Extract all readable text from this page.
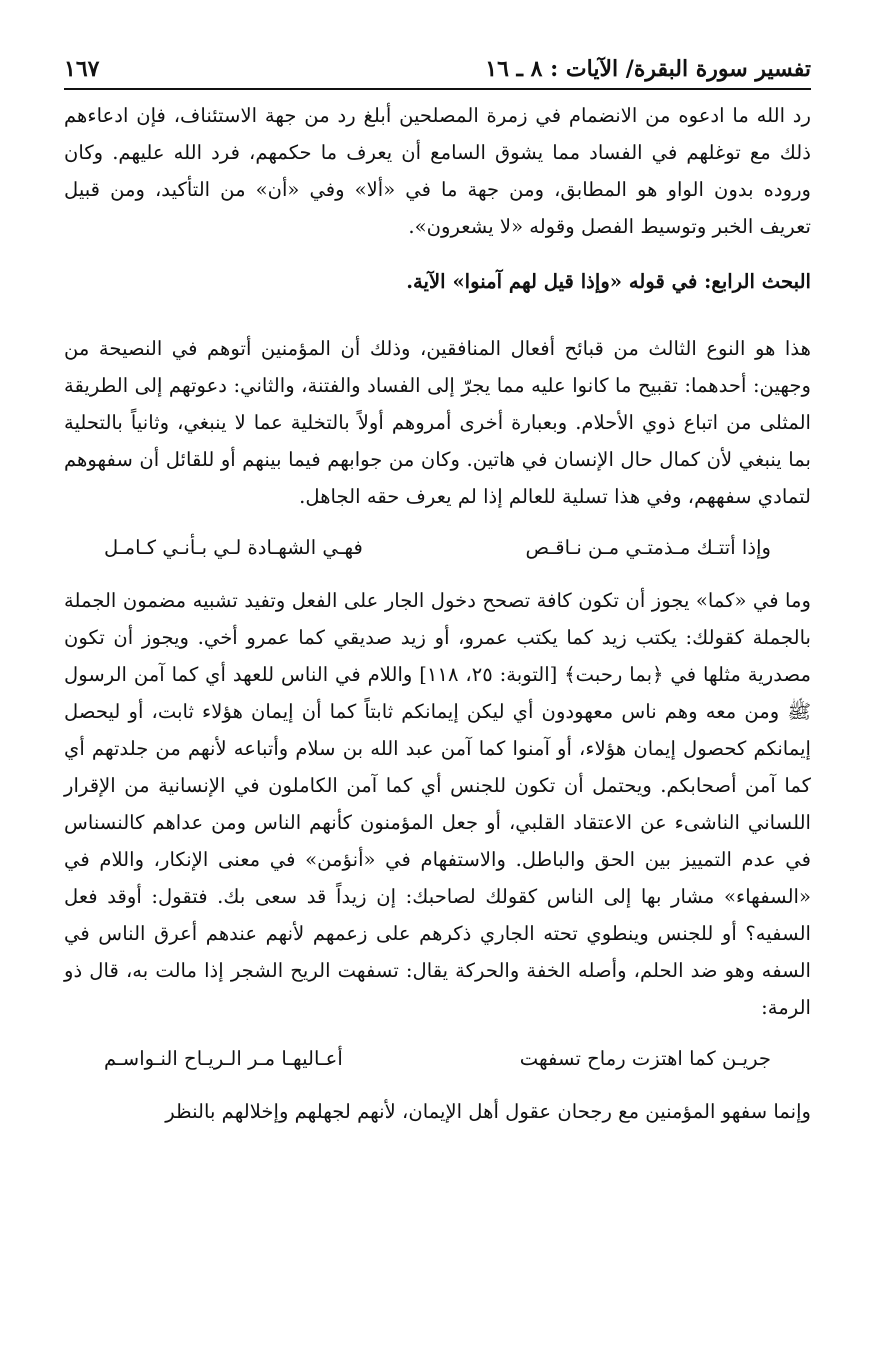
تفسير سورة البقرة/ الآيات : ٨ ـ ١٦
١٦٧

رد الله ما ادعوه من الانضمام في زمرة المصلحين أبلغ رد من جهة الاستئناف، فإن ادعاءهم ذلك مع توغلهم في الفساد مما يشوق السامع أن يعرف ما حكمهم، فرد الله عليهم. وكان وروده بدون الواو هو المطابق، ومن جهة ما في «ألا» وفي «أن» من التأكيد، ومن قبيل تعريف الخبر وتوسيط الفصل وقوله «لا يشعرون».

البحث الرابع: في قوله «وإذا قيل لهم آمنوا» الآية.

هذا هو النوع الثالث من قبائح أفعال المنافقين، وذلك أن المؤمنين أتوهم في النصيحة من وجهين: أحدهما: تقبيح ما كانوا عليه مما يجرّ إلى الفساد والفتنة، والثاني: دعوتهم إلى الطريقة المثلى من اتباع ذوي الأحلام. وبعبارة أخرى أمروهم أولاً بالتخلية عما لا ينبغي، وثانياً بالتحلية بما ينبغي لأن كمال حال الإنسان في هاتين. وكان من جوابهم فيما بينهم أو للقائل أن سفهوهم لتمادي سفههم، وفي هذا تسلية للعالم إذا لم يعرف حقه الجاهل.

وإذا أتتـك مـذمتـي مـن نـاقـص
فهـي الشهـادة لـي بـأنـي كـامـل

وما في «كما» يجوز أن تكون كافة تصحح دخول الجار على الفعل وتفيد تشبيه مضمون الجملة بالجملة كقولك: يكتب زيد كما يكتب عمرو، أو زيد صديقي كما عمرو أخي. ويجوز أن تكون مصدرية مثلها في ﴿بما رحبت﴾ [التوبة: ٢٥، ١١٨] واللام في الناس للعهد أي كما آمن الرسول ﷺ ومن معه وهم ناس معهودون أي ليكن إيمانكم ثابتاً كما أن إيمان هؤلاء ثابت، أو ليحصل إيمانكم كحصول إيمان هؤلاء، أو آمنوا كما آمن عبد الله بن سلام وأتباعه لأنهم من جلدتهم أي كما آمن أصحابكم. ويحتمل أن تكون للجنس أي كما آمن الكاملون في الإنسانية من الإقرار اللساني الناشىء عن الاعتقاد القلبي، أو جعل المؤمنون كأنهم الناس ومن عداهم كالنسناس في عدم التمييز بين الحق والباطل. والاستفهام في «أنؤمن» في معنى الإنكار، واللام في «السفهاء» مشار بها إلى الناس كقولك لصاحبك: إن زيداً قد سعى بك. فتقول: أوقد فعل السفيه؟ أو للجنس وينطوي تحته الجاري ذكرهم على زعمهم لأنهم عندهم أعرق الناس في السفه وهو ضد الحلم، وأصله الخفة والحركة يقال: تسفهت الريح الشجر إذا مالت به، قال ذو الرمة:

جريـن كما اهتزت رماح تسفهت
أعـاليهـا مـر الـريـاح النـواسـم

وإنما سفهو المؤمنين مع رجحان عقول أهل الإيمان، لأنهم لجهلهم وإخلالهم بالنظر
